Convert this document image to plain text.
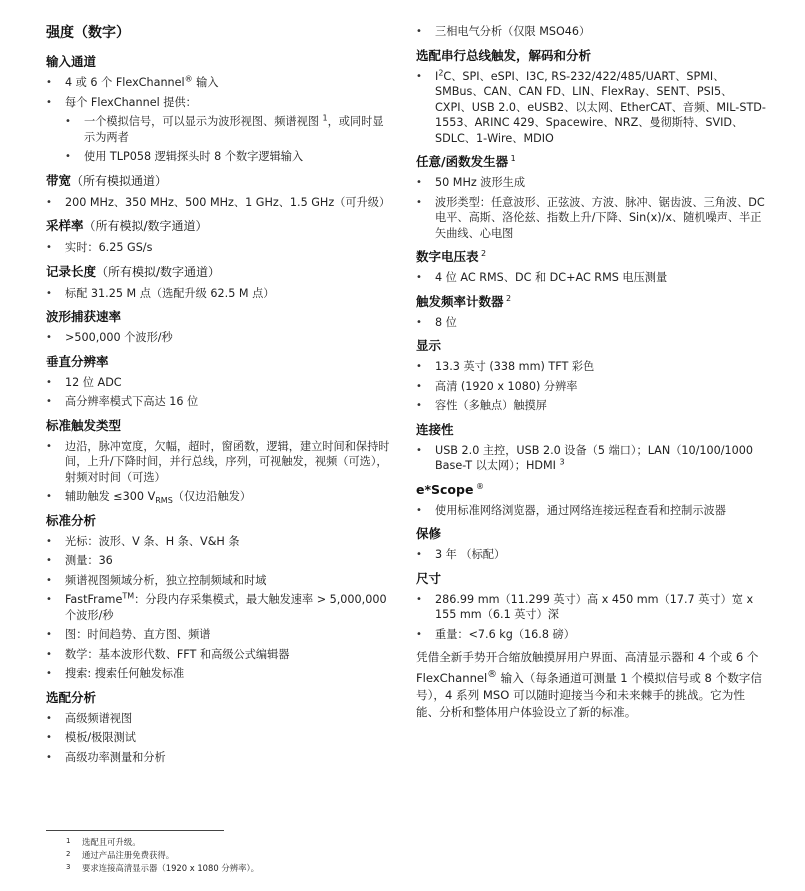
强度（数字）
输入通道
• 4 或 6 个 FlexChannel® 输入
• 每个 FlexChannel 提供：
• 一个模拟信号，可以显示为波形视图、频谱视图 $^1$，或同时显示为两者
• 使用 TLP058 逻辑探头时 8 个数字逻辑输入
带宽（所有模拟通道）
• 200 MHz、350 MHz、500 MHz、1 GHz、1.5 GHz（可升级）
采样率（所有模拟/数字通道）
• 实时：6.25 GS/s
记录长度（所有模拟/数字通道）
• 标配 31.25 M 点（选配升级 62.5 M 点）
波形捕获速率
• >500,000 个波形/秒
垂直分辨率
• 12 位 ADC
• 高分辨率模式下高达 16 位
标准触发类型
• 边沿，脉冲宽度，欠幅，超时，窗函数，逻辑，建立时间和保持时间，上升/下降时间，并行总线，序列，可视触发，视频（可选），射频对时间（可选）
• 辅助触发 ≤300 $V_{RMS}$（仅边沿触发）
标准分析
• 光标：波形、V 条、H 条、V&H 条
• 测量：36
• 频谱视图频域分析，独立控制频域和时域
• FastFrame™：分段内存采集模式，最大触发速率 > 5,000,000 个波形/秒
• 图：时间趋势、直方图、频谱
• 数学：基本波形代数、FFT 和高级公式编辑器
• 搜索: 搜索任何触发标准
选配分析
• 高级频谱视图
• 模板/极限测试
• 高级功率测量和分析
• 三相电气分析（仅限 MSO46）
选配串行总线触发，解码和分析
• $I^2C$、SPI、eSPI、I3C, RS-232/422/485/UART、SPMI、SMBus、CAN、CAN FD、LIN、FlexRay、SENT、PSI5、CXPI、USB 2.0、eUSB2、以太网、EtherCAT、音频、MIL-STD-1553、ARINC 429、Spacewire、NRZ、曼彻斯特、SVID、SDLC、1-Wire、MDIO
任意/函数发生器 $^1$
• 50 MHz 波形生成
• 波形类型：任意波形、正弦波、方波、脉冲、锯齿波、三角波、DC 电平、高斯、洛伦兹、指数上升/下降、Sin(x)/x、随机噪声、半正矢曲线、心电图
数字电压表 $^2$
• 4 位 AC RMS、DC 和 DC+AC RMS 电压测量
触发频率计数器 $^2$
• 8 位
显示
• 13.3 英寸 (338 mm) TFT 彩色
• 高清 (1920 x 1080) 分辨率
• 容性（多触点）触摸屏
连接性
• USB 2.0 主控，USB 2.0 设备（5 端口）；LAN（10/100/1000 Base-T 以太网）；HDMI $^3$
e*Scope ®
• 使用标准网络浏览器，通过网络连接远程查看和控制示波器
保修
• 3 年 （标配）
尺寸
• 286.99 mm（11.299 英寸）高 x 450 mm（17.7 英寸）宽 x 155 mm（6.1 英寸）深
• 重量：<7.6 kg（16.8 磅）
凭借全新手势开合缩放触摸屏用户界面、高清显示器和 4 个或 6 个 FlexChannel® 输入（每条通道可测量 1 个模拟信号或 8 个数字信号），4 系列 MSO 可以随时迎接当今和未来棘手的挑战。它为性能、分析和整体用户体验设立了新的标准。
1 选配且可升级。
2 通过产品注册免费获得。
3 要求连接高清显示器（1920 x 1080 分辨率）。
